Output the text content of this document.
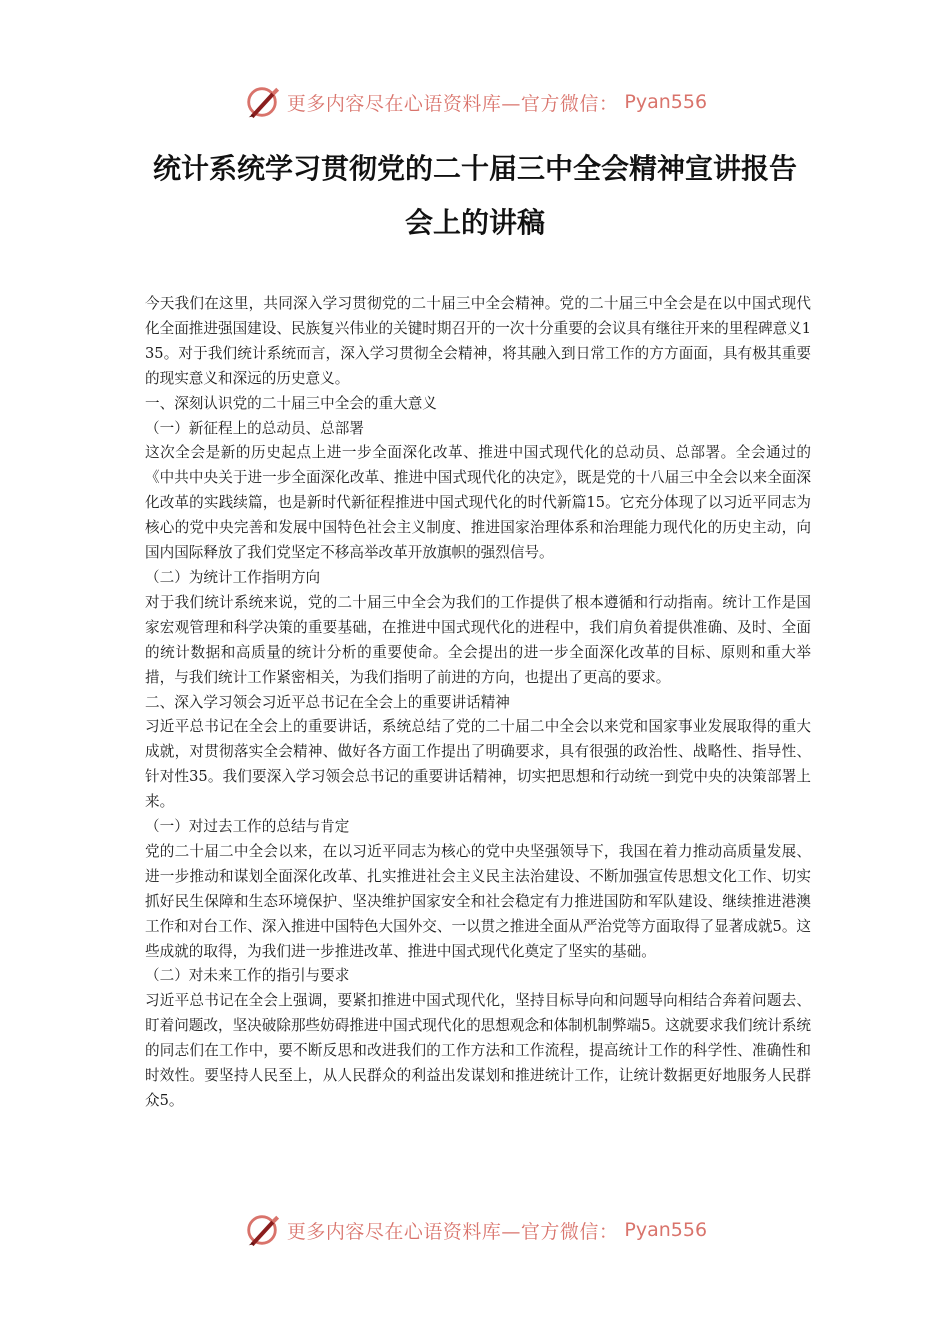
更多内容尽在心语资料库—官方微信： Pyan556
统计系统学习贯彻党的二十届三中全会精神宣讲报告
会上的讲稿

今天我们在这里，共同深入学习贯彻党的二十届三中全会精神。党的二十届三中全会是在以中国式现代化全面推进强国建设、民族复兴伟业的关键时期召开的一次十分重要的会议具有继往开来的里程碑意义135。对于我们统计系统而言，深入学习贯彻全会精神，将其融入到日常工作的方方面面，具有极其重要的现实意义和深远的历史意义。

一、深刻认识党的二十届三中全会的重大意义

（一）新征程上的总动员、总部署

这次全会是新的历史起点上进一步全面深化改革、推进中国式现代化的总动员、总部署。全会通过的《中共中央关于进一步全面深化改革、推进中国式现代化的决定》，既是党的十八届三中全会以来全面深化改革的实践续篇，也是新时代新征程推进中国式现代化的时代新篇15。它充分体现了以习近平同志为核心的党中央完善和发展中国特色社会主义制度、推进国家治理体系和治理能力现代化的历史主动，向国内国际释放了我们党坚定不移高举改革开放旗帜的强烈信号。

（二）为统计工作指明方向

对于我们统计系统来说，党的二十届三中全会为我们的工作提供了根本遵循和行动指南。统计工作是国家宏观管理和科学决策的重要基础，在推进中国式现代化的进程中，我们肩负着提供准确、及时、全面的统计数据和高质量的统计分析的重要使命。全会提出的进一步全面深化改革的目标、原则和重大举措，与我们统计工作紧密相关，为我们指明了前进的方向，也提出了更高的要求。

二、深入学习领会习近平总书记在全会上的重要讲话精神

习近平总书记在全会上的重要讲话，系统总结了党的二十届二中全会以来党和国家事业发展取得的重大成就，对贯彻落实全会精神、做好各方面工作提出了明确要求，具有很强的政治性、战略性、指导性、针对性35。我们要深入学习领会总书记的重要讲话精神，切实把思想和行动统一到党中央的决策部署上来。

（一）对过去工作的总结与肯定

党的二十届二中全会以来，在以习近平同志为核心的党中央坚强领导下，我国在着力推动高质量发展、进一步推动和谋划全面深化改革、扎实推进社会主义民主法治建设、不断加强宣传思想文化工作、切实抓好民生保障和生态环境保护、坚决维护国家安全和社会稳定有力推进国防和军队建设、继续推进港澳工作和对台工作、深入推进中国特色大国外交、一以贯之推进全面从严治党等方面取得了显著成就5。这些成就的取得，为我们进一步推进改革、推进中国式现代化奠定了坚实的基础。

（二）对未来工作的指引与要求

习近平总书记在全会上强调，要紧扣推进中国式现代化，坚持目标导向和问题导向相结合奔着问题去、盯着问题改，坚决破除那些妨碍推进中国式现代化的思想观念和体制机制弊端5。这就要求我们统计系统的同志们在工作中，要不断反思和改进我们的工作方法和工作流程，提高统计工作的科学性、准确性和时效性。要坚持人民至上，从人民群众的利益出发谋划和推进统计工作，让统计数据更好地服务人民群众5。

更多内容尽在心语资料库—官方微信： Pyan556
